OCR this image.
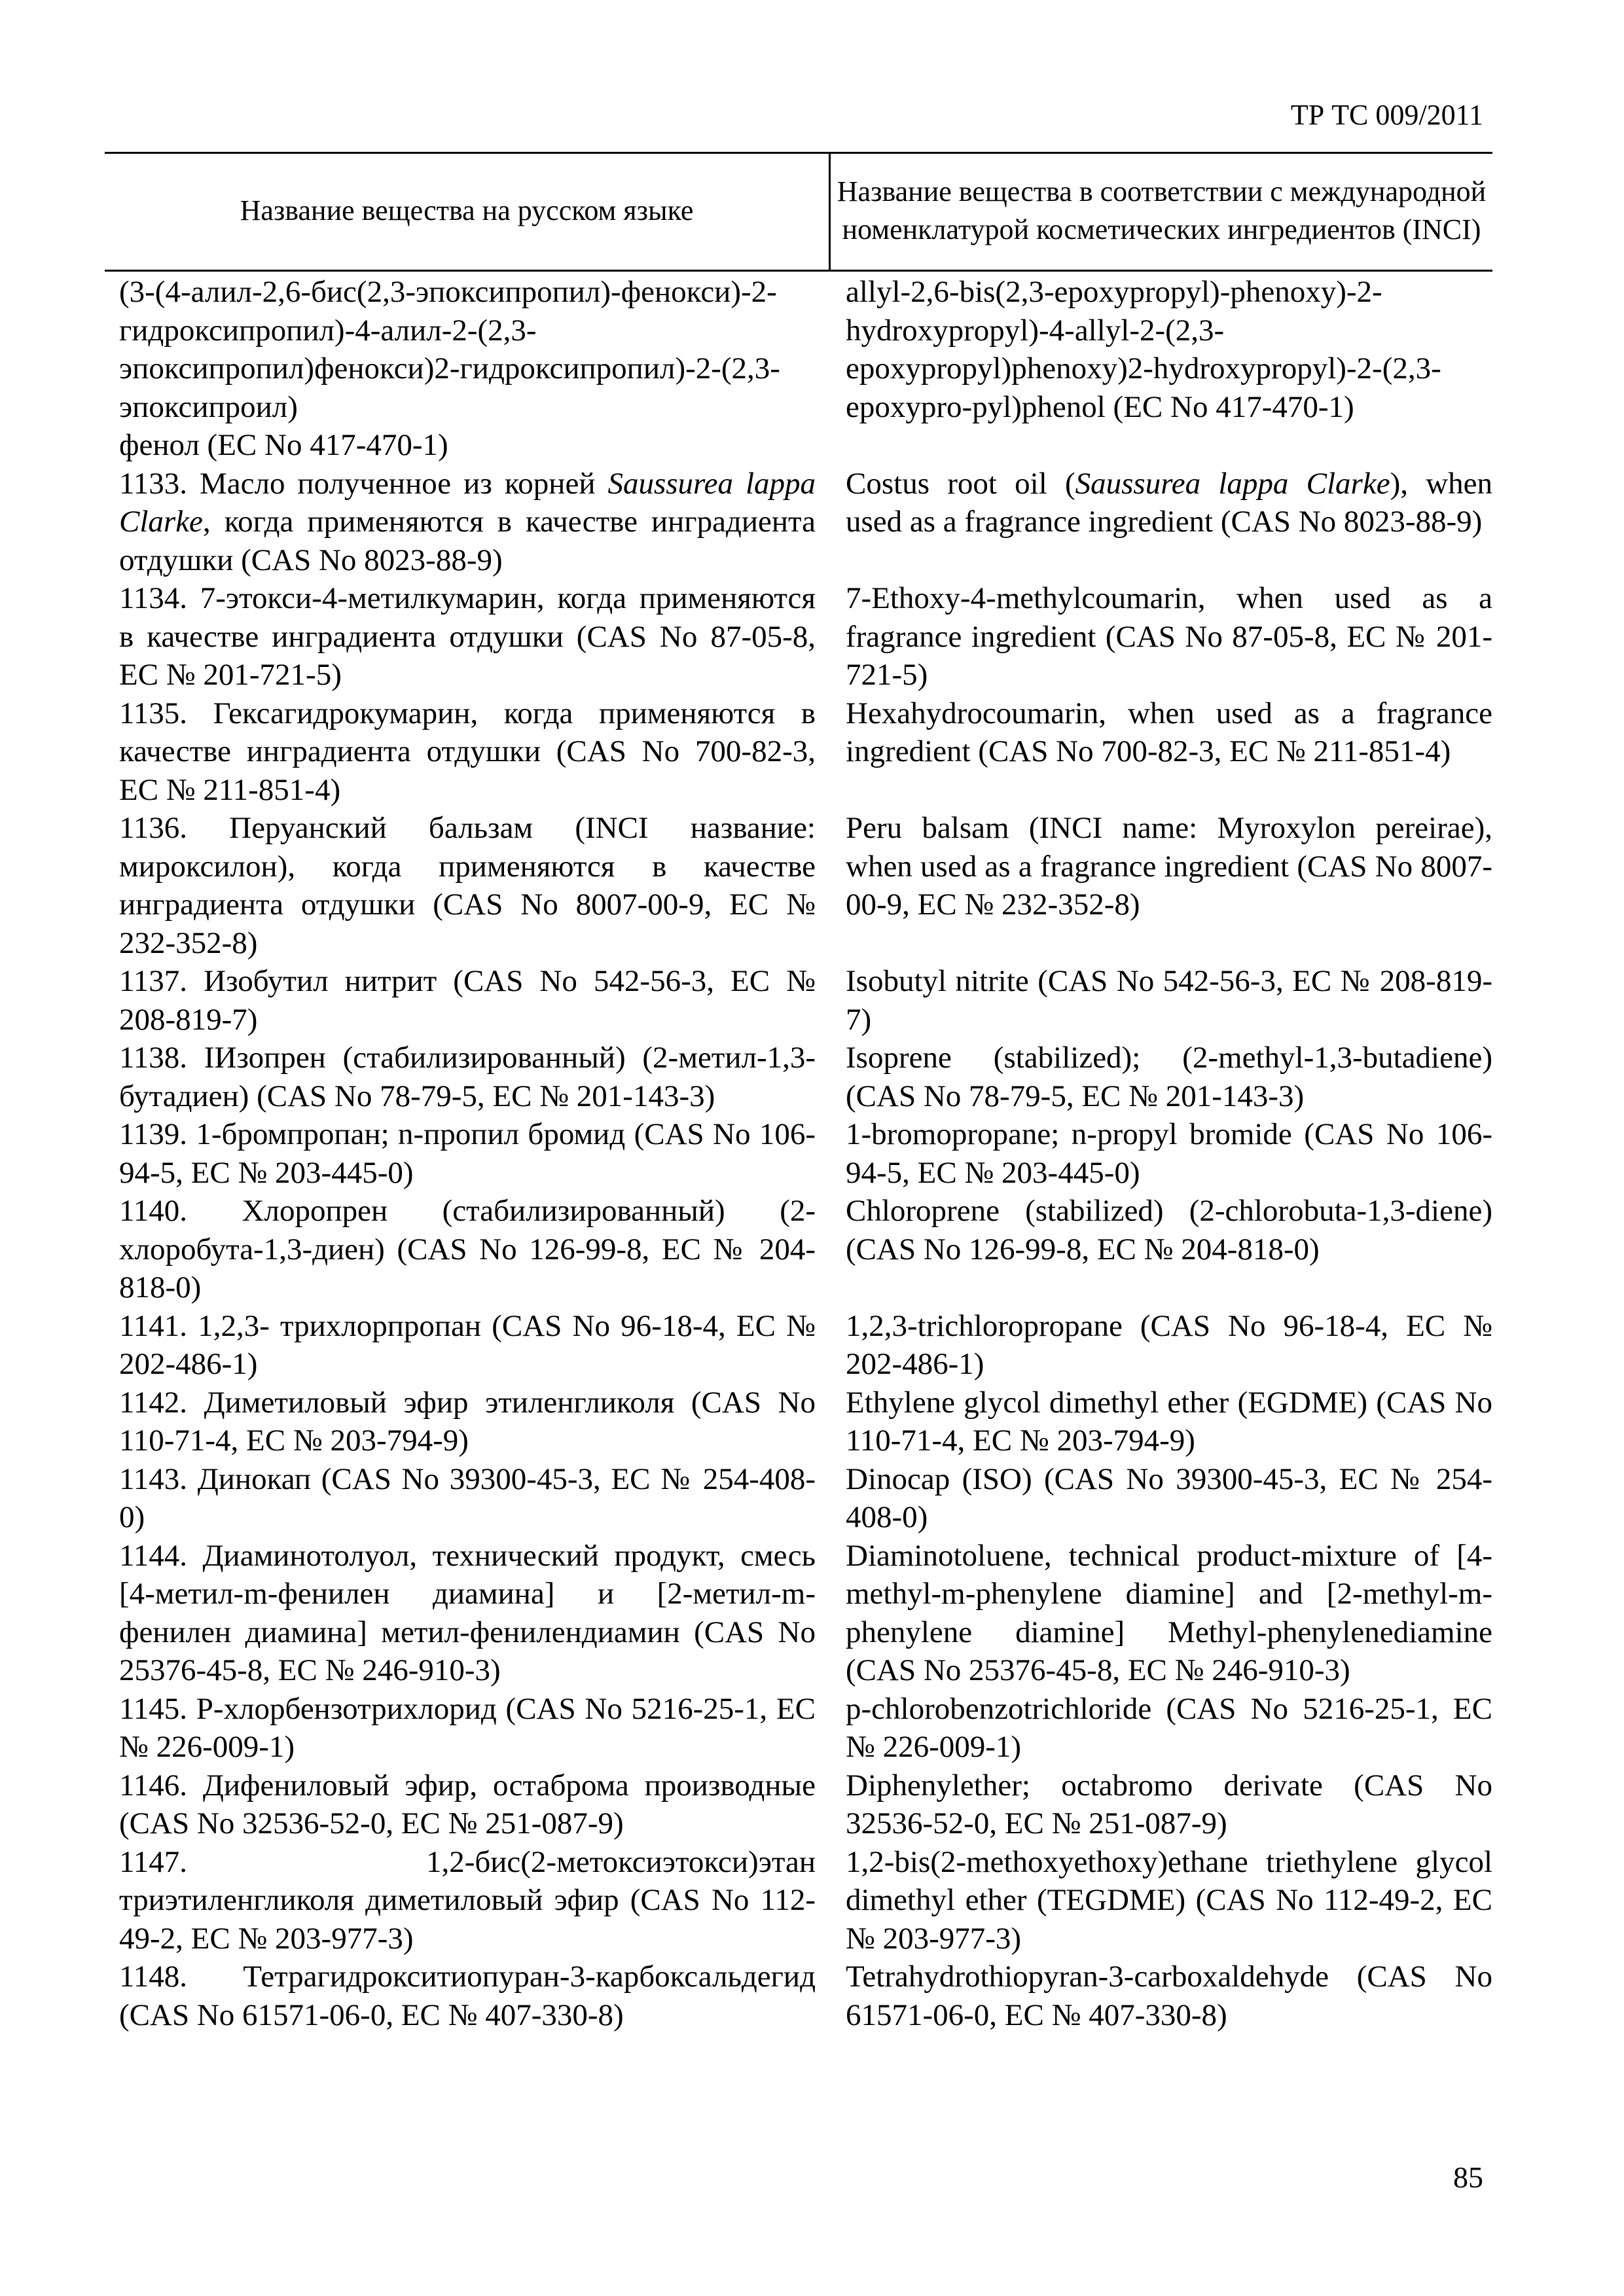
ТР ТС 009/2011
Название вещества на русском языке
Название вещества в соответствии с международной номенклатурой косметических ингредиентов (INCI)
(3-(4-алил-2,6-бис(2,3-эпоксипропил)-фенокси)-2-гидроксипропил)-4-алил-2-(2,3-эпоксипропил)фенокси)2-гидроксипропил)-2-(2,3-эпоксипроил)
фенол (EC No 417-470-1)
allyl-2,6-bis(2,3-epoxypropyl)-phenoxy)-2-hydroxypropyl)-4-allyl-2-(2,3-epoxypropyl)phenoxy)2-hydroxypropyl)-2-(2,3-epoxypro-pyl)phenol (EC No 417-470-1)
1133. Масло полученное из корней Saussurea lappa Clarke, когда применяются в качестве инградиента отдушки (CAS No 8023-88-9)
Costus root oil (Saussurea lappa Clarke), when used as a fragrance ingredient (CAS No 8023-88-9)
1134. 7-этокси-4-метилкумарин, когда применяются в качестве инградиента отдушки (CAS No 87-05-8, EC № 201-721-5)
7-Ethoxy-4-methylcoumarin, when used as a fragrance ingredient (CAS No 87-05-8, EC № 201-721-5)
1135. Гексагидрокумарин, когда применяются в качестве инградиента отдушки (CAS No 700-82-3, EC № 211-851-4)
Hexahydrocoumarin, when used as a fragrance ingredient (CAS No 700-82-3, EC № 211-851-4)
1136. Перуанский бальзам (INCI название: мироксилон), когда применяются в качестве инградиента отдушки (CAS No 8007-00-9, EC № 232-352-8)
Peru balsam (INCI name: Myroxylon pereirae), when used as a fragrance ingredient (CAS No 8007-00-9, EC № 232-352-8)
1137. Изобутил нитрит (CAS No 542-56-3, EC № 208-819-7)
Isobutyl nitrite (CAS No 542-56-3, EC № 208-819-7)
1138. ІИзопрен (стабилизированный) (2-метил-1,3-бутадиен) (CAS No 78-79-5, EC № 201-143-3)
Isoprene (stabilized); (2-methyl-1,3-butadiene) (CAS No 78-79-5, EC № 201-143-3)
1139. 1-бромпропан; n-пропил бромид (CAS No 106-94-5, EC № 203-445-0)
1-bromopropane; n-propyl bromide (CAS No 106-94-5, EC № 203-445-0)
1140. Хлоропрен (стабилизированный) (2-хлоробута-1,3-диен) (CAS No 126-99-8, EC № 204-818-0)
Chloroprene (stabilized) (2-chlorobuta-1,3-diene) (CAS No 126-99-8, EC № 204-818-0)
1141. 1,2,3- трихлорпропан (CAS No 96-18-4, EC № 202-486-1)
1,2,3-trichloropropane (CAS No 96-18-4, EC № 202-486-1)
1142. Диметиловый эфир этиленгликоля (CAS No 110-71-4, EC № 203-794-9)
Ethylene glycol dimethyl ether (EGDME) (CAS No 110-71-4, EC № 203-794-9)
1143. Динокап (CAS No 39300-45-3, EC № 254-408-0)
Dinocap (ISO) (CAS No 39300-45-3, EC № 254-408-0)
1144. Диаминотолуол, технический продукт, смесь [4-метил-m-фенилен диамина] и [2-метил-m-фенилен диамина] метил-фенилендиамин (CAS No 25376-45-8, EC № 246-910-3)
Diaminotoluene, technical product-mixture of [4-methyl-m-phenylene diamine] and [2-methyl-m-phenylene diamine] Methyl-phenylenediamine (CAS No 25376-45-8, EC № 246-910-3)
1145. Р-хлорбензотрихлорид (CAS No 5216-25-1, EC № 226-009-1)
p-chlorobenzotrichloride (CAS No 5216-25-1, EC № 226-009-1)
1146. Дифениловый эфир, остаброма производные (CAS No 32536-52-0, EC № 251-087-9)
Diphenylether; octabromo derivate (CAS No 32536-52-0, EC № 251-087-9)
1147. 1,2-бис(2-метоксиэтокси)этан триэтиленгликоля диметиловый эфир (CAS No 112-49-2, EC № 203-977-3)
1,2-bis(2-methoxyethoxy)ethane triethylene glycol dimethyl ether (TEGDME) (CAS No 112-49-2, EC № 203-977-3)
1148. Тетрагидрокситиопуран-3-карбоксальдегид (CAS No 61571-06-0, EC № 407-330-8)
Tetrahydrothiopyran-3-carboxaldehyde (CAS No 61571-06-0, EC № 407-330-8)
85
